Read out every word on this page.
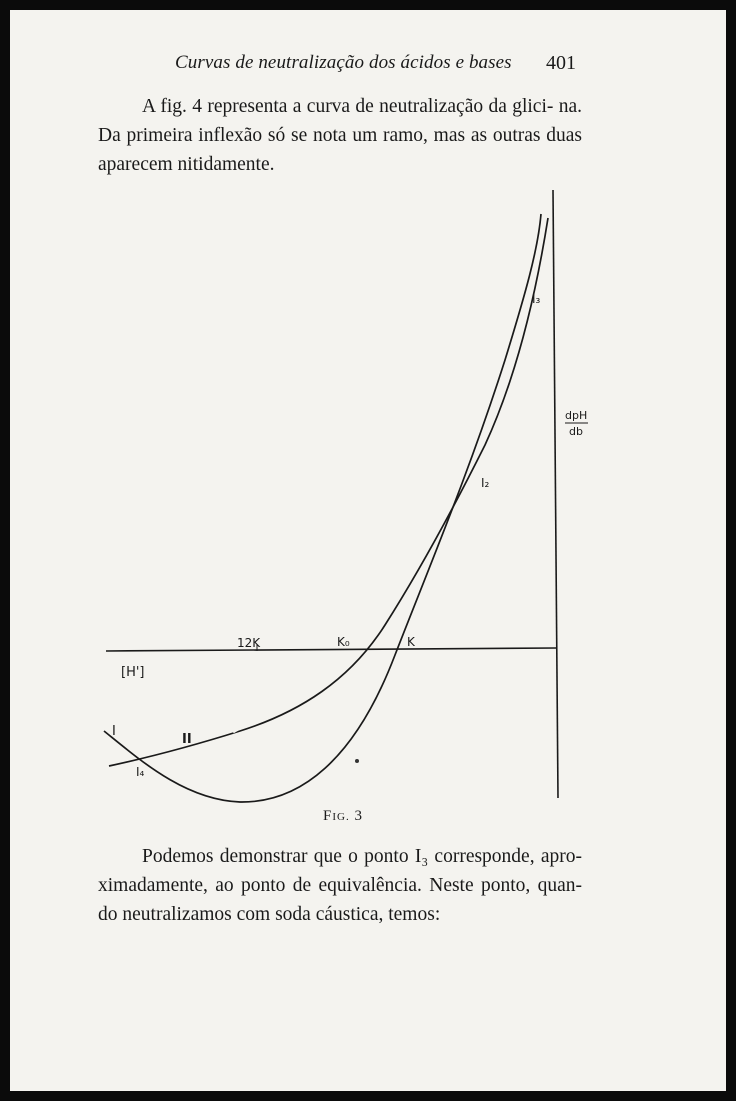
Curvas de neutralização dos ácidos e bases 401
A fig. 4 representa a curva de neutralização da glici- na. Da primeira inflexão só se nota um ramo, mas as outras duas aparecem nitidamente.
dpH
db
[H']
12K	K₀	K
I
II
I₄
I₂
I₃
FIG. 3
Podemos demonstrar que o ponto I₃ corresponde, apro- ximadamente, ao ponto de equivalência. Neste ponto, quan- do neutralizamos com soda cáustica, temos:
